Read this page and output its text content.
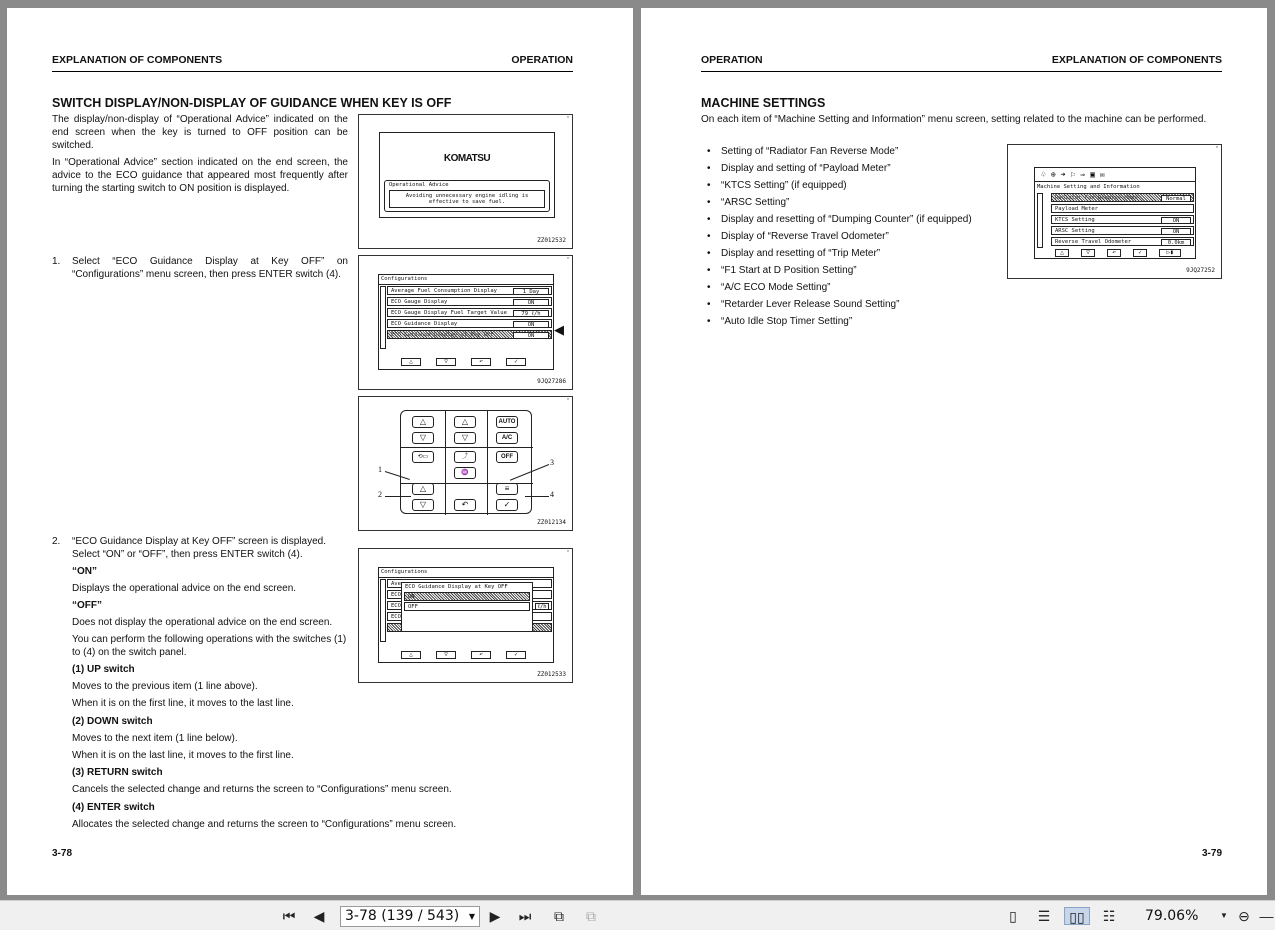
EXPLANATION OF COMPONENTS	OPERATION
SWITCH DISPLAY/NON-DISPLAY OF GUIDANCE WHEN KEY IS OFF
The display/non-display of “Operational Advice” indicated on the end screen when the key is turned to OFF position can be switched.
In “Operational Advice” section indicated on the end screen, the advice to the ECO guidance that appeared most frequently after turning the starting switch to ON position is displayed.
1. Select “ECO Guidance Display at Key OFF” on “Configurations” menu screen, then press ENTER switch (4).
2. “ECO Guidance Display at Key OFF” screen is displayed. Select “ON” or “OFF”, then press ENTER switch (4).
“ON”
Displays the operational advice on the end screen.
“OFF”
Does not display the operational advice on the end screen.
You can perform the following operations with the switches (1) to (4) on the switch panel.
(1) UP switch
Moves to the previous item (1 line above).
When it is on the first line, it moves to the last line.
(2) DOWN switch
Moves to the next item (1 line below).
When it is on the last line, it moves to the first line.
(3) RETURN switch
Cancels the selected change and returns the screen to “Configurations” menu screen.
(4) ENTER switch
Allocates the selected change and returns the screen to “Configurations” menu screen.
3-78
*
KOMATSU
Operational Advice
Avoiding unnecessary engine idling is effective to save fuel.
ZZ012532
*
Configurations
Average Fuel Consumption Display	1 Day
ECO Gauge Display	ON
ECO Gauge Display Fuel Target Value	79 ℓ/h
ECO Guidance Display	ON
ECO Guidance Display at Key OFF	ON
△	▽	↶	✓
◀
9JQ27286
*
△
▽
△
▽
AUTO
A/C
⟲▭	⤴	OFF
♒
△
▽
≡
↶	✓
1
2
3
4
ZZ012134
*
Configurations
Ave
ECO
ECO	ℓ/h
ECO
ECO Guidance Display at Key OFF
ON
OFF
△	▽	↶	✓
ZZ012533
OPERATION	EXPLANATION OF COMPONENTS
MACHINE SETTINGS
On each item of “Machine Setting and Information” menu screen, setting related to the machine can be performed.
• Setting of “Radiator Fan Reverse Mode”
• Display and setting of “Payload Meter”
• “KTCS Setting” (if equipped)
• “ARSC Setting”
• Display and resetting of “Dumping Counter” (if equipped)
• Display of “Reverse Travel Odometer”
• Display and resetting of “Trip Meter”
• “F1 Start at D Position Setting”
• “A/C ECO Mode Setting”
• “Retarder Lever Release Sound Setting”
• “Auto Idle Stop Timer Setting”
*
♧⊕➜⚐⇒▣✉
Machine Setting and Information
Radiator Fan Reverse Mode	Normal
Payload Meter
KTCS Setting	ON
ARSC Setting	ON
Reverse Travel Odometer	0.0km
△	▽	↶	✓	▷▮
9JQ27252
3-79
⏮	◀	3-78 (139 / 543) ▼	▶	⏭	⧉	⧉	▯	☰	▯▯	☷	79.06%	▼ ⊖ —
